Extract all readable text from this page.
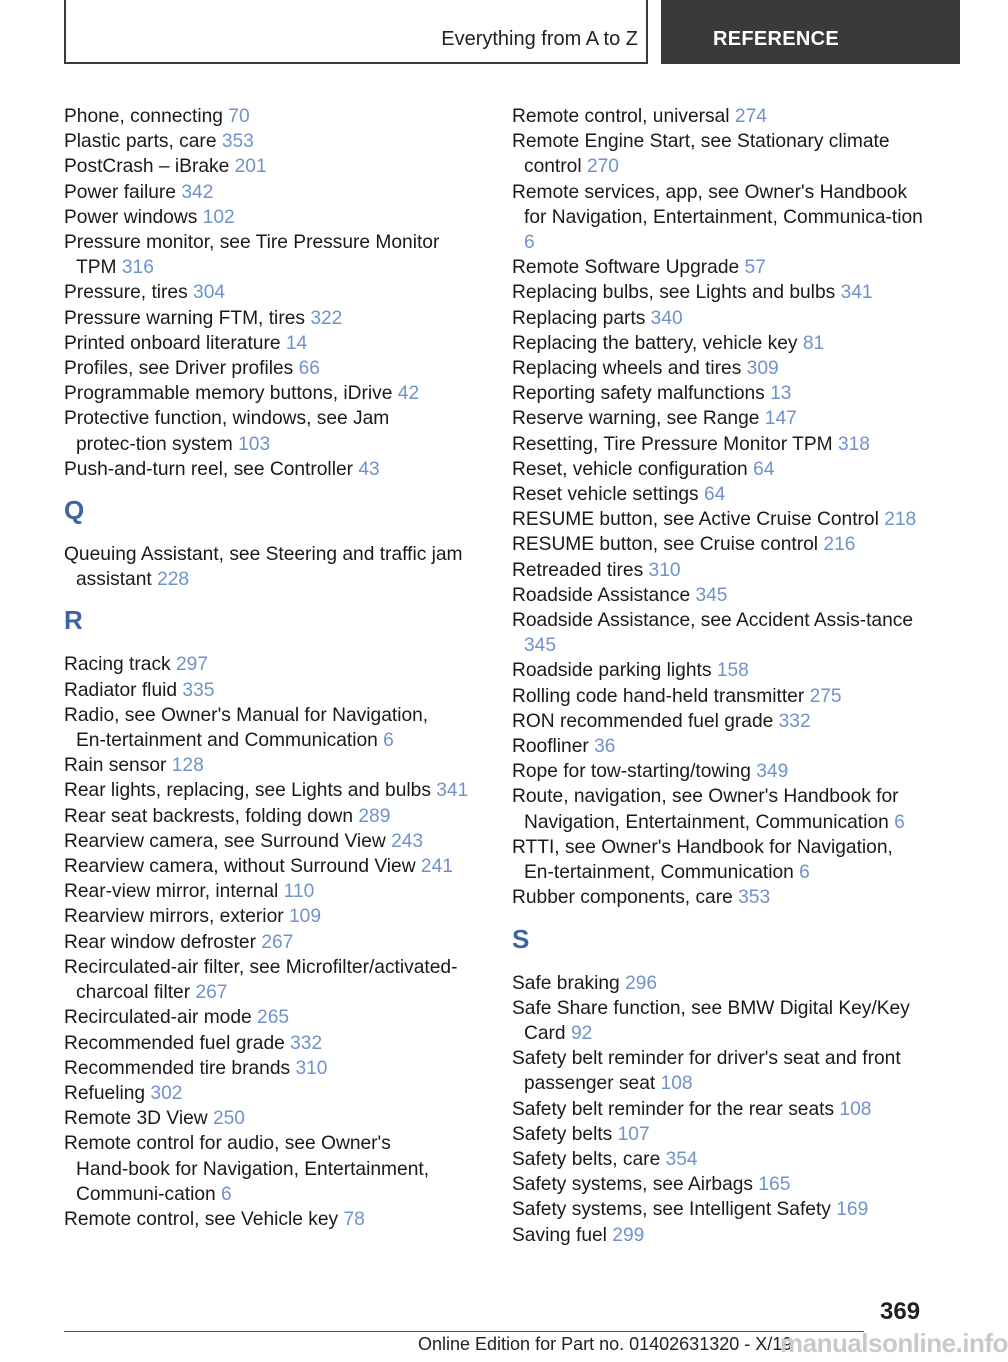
Everything from A to Z	REFERENCE
Phone, connecting 70
Plastic parts, care 353
PostCrash – iBrake 201
Power failure 342
Power windows 102
Pressure monitor, see Tire Pressure Monitor TPM 316
Pressure, tires 304
Pressure warning FTM, tires 322
Printed onboard literature 14
Profiles, see Driver profiles 66
Programmable memory buttons, iDrive 42
Protective function, windows, see Jam protec‑tion system 103
Push-and-turn reel, see Controller 43
Q
Queuing Assistant, see Steering and traffic jam assistant 228
R
Racing track 297
Radiator fluid 335
Radio, see Owner's Manual for Navigation, En‑tertainment and Communication 6
Rain sensor 128
Rear lights, replacing, see Lights and bulbs 341
Rear seat backrests, folding down 289
Rearview camera, see Surround View 243
Rearview camera, without Surround View 241
Rear-view mirror, internal 110
Rearview mirrors, exterior 109
Rear window defroster 267
Recirculated-air filter, see Microfilter/activated-charcoal filter 267
Recirculated-air mode 265
Recommended fuel grade 332
Recommended tire brands 310
Refueling 302
Remote 3D View 250
Remote control for audio, see Owner's Hand‑book for Navigation, Entertainment, Communi‑cation 6
Remote control, see Vehicle key 78
Remote control, universal 274
Remote Engine Start, see Stationary climate control 270
Remote services, app, see Owner's Handbook for Navigation, Entertainment, Communica‑tion 6
Remote Software Upgrade 57
Replacing bulbs, see Lights and bulbs 341
Replacing parts 340
Replacing the battery, vehicle key 81
Replacing wheels and tires 309
Reporting safety malfunctions 13
Reserve warning, see Range 147
Resetting, Tire Pressure Monitor TPM 318
Reset, vehicle configuration 64
Reset vehicle settings 64
RESUME button, see Active Cruise Control 218
RESUME button, see Cruise control 216
Retreaded tires 310
Roadside Assistance 345
Roadside Assistance, see Accident Assis‑tance 345
Roadside parking lights 158
Rolling code hand-held transmitter 275
RON recommended fuel grade 332
Roofliner 36
Rope for tow-starting/towing 349
Route, navigation, see Owner's Handbook for Navigation, Entertainment, Communication 6
RTTI, see Owner's Handbook for Navigation, En‑tertainment, Communication 6
Rubber components, care 353
S
Safe braking 296
Safe Share function, see BMW Digital Key/Key Card 92
Safety belt reminder for driver's seat and front passenger seat 108
Safety belt reminder for the rear seats 108
Safety belts 107
Safety belts, care 354
Safety systems, see Airbags 165
Safety systems, see Intelligent Safety 169
Saving fuel 299
369
Online Edition for Part no. 01402631320 - X/19
manualsonline.info
